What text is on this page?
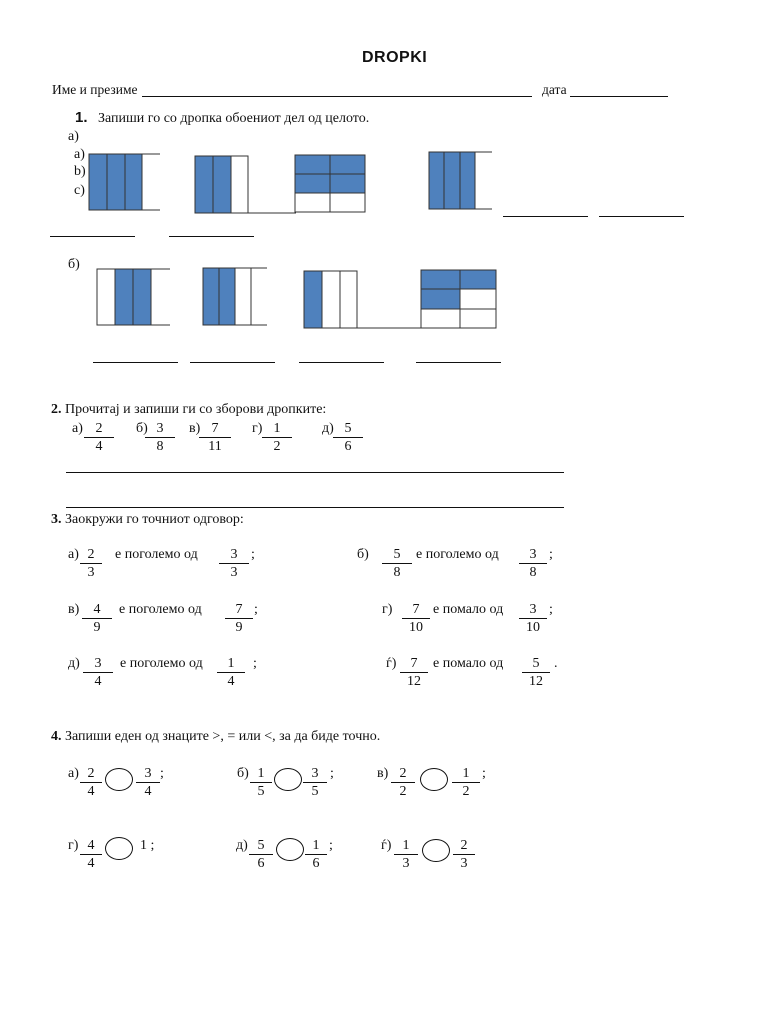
DROPKI
Име и презиме	дата
1. Запиши го со дропка обоениот дел од целото.
а)
a)
b)
c)
б)
2. Прочитај и запиши ги со зборови дропките:
$а) \frac{2}{4} б$)
$\frac{3}{8} в$)
$\frac{7}{11} г) \frac{1}{2} д) \frac{5}{6}$
3. Заокружи го точниот одговор:
$а) \frac{2}{3}$ е поголемо од $\frac{3}{3}$ ;	$б) \frac{5}{8}$ е поголемо од $\frac{3}{8}$ ;
$в) \frac{4}{9}$ е поголемо од $\frac{7}{9}$ ;	$г) \frac{7}{10}$ е помало од $\frac{3}{10}$ ;
$д) \frac{3}{4}$ е поголемо од $\frac{1}{4}$ ;	$ѓ) \frac{7}{12}$ е помало од $\frac{5}{12}$ .
4. Запиши еден од знаците >, = или <, за да биде точно.
$а) \frac{2}{4} \frac{3}{4}$ ;	$б) \frac{1}{5} \frac{3}{5}$ ;	$в) \frac{2}{2}$	$\frac{1}{2}$ ;
$г) \frac{4}{4}$	1 ;	$д) \frac{5}{6} \frac{1}{6}$ ;	$ѓ) \frac{1}{3}$	$\frac{2}{3}$
